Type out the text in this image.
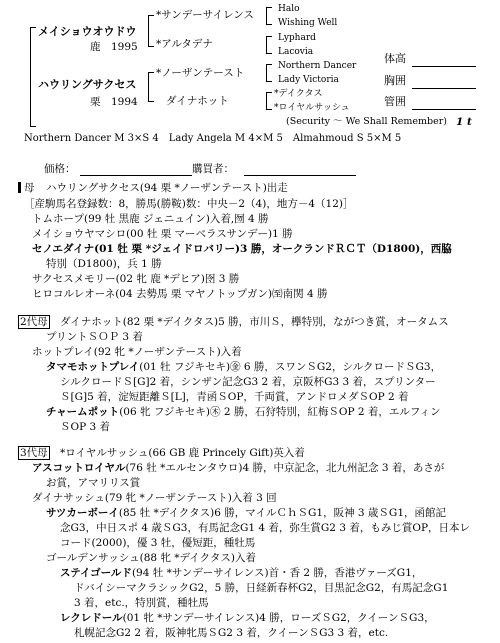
メイショウオウドウ
鹿　1995
ハウリングサクセス
栗　1994
*サンデーサイレンス
*アルタデナ
*ノーザンテースト
ダイナホット
Halo
Wishing Well
Lyphard
Lacovia
Northern Dancer
Lady Victoria
*デイクタス
*ロイヤルサッシュ
(Security ～ We Shall Remember) 1 t
体高
胸囲
管囲
Northern Dancer M 3×S 4　Lady Angela M 4×M 5　Almahmoud S 5×M 5
価格：	購買者：
母 ハウリングサクセス(94 栗 *ノーザンテースト)出走
［産駒馬名登録数：8，勝馬(勝鞍)数：中央－2（4)，地方－4（12)］
トムホープ(99 牡 黒鹿 ジェニュイン)入着,囫 4 勝
メイショウヤマシロ(00 牡 栗 マーベラスサンデー)1 勝
セノエダイナ(01 牡 栗 *ジェイドロバリー)3 勝，オークランドＲＣＴ（D1800)，西脇
特別（D1800)，兵 1 勝
サクセスメモリー(02 牝 鹿 *デヒア)囹 3 勝
ヒロコルレオーネ(04 去勢馬 栗 マヤノトップガン)㉃南関 4 勝
2代母 ダイナホット(82 栗 *デイクタス)5 勝，市川Ｓ，欅特別，ながつき賞，オータムス
プリントＳＯＰ 3 着
ホットプレイ(92 牝 *ノーザンテースト)入着
タマモホットプレイ(01 牡 フジキセキ)㊎ 6 勝，スワンＳG2，シルクロードＳG3，
シルクロードＳ[G]2 着，シンザン記念G3 2 着，京阪杯G3 3 着，スプリンター
Ｓ[G]5 着，淀短距離Ｓ[L]，青函ＳOP，千両賞，アンドロメダＳOP 2 着
チャームポット(06 牝 フジキセキ)㊍ 2 勝，石狩特別，紅梅ＳOP 2 着，エルフィン
ＳOP 3 着
3代母 *ロイヤルサッシュ(66 GB 鹿 Princely Gift)英入着
アスコットロイヤル(76 牡 *エルセンタウロ)4 勝，中京記念，北九州記念 3 着，あさが
お賞，アマリリス賞
ダイナサッシュ(79 牝 *ノーザンテースト)入着 3 回
サツカーボーイ(85 牡 *デイクタス)6 勝，マイルＣｈＳG1，阪神 3 歳ＳG1，函館記
念G3，中日スポ 4 歳ＳG3，有馬記念G1 4 着，弥生賞G2 3 着，もみじ賞OP，日本レ
コード(2000)，優 3 牡，優短距，種牡馬
ゴールデンサッシュ(88 牝 *デイクタス)入着
ステイゴールド(94 牡 *サンデーサイレンス)首・香 2 勝，香港ヴァーズG1，
ドバイシーマクラシックG2，5 勝，日経新春杯G2，目黒記念G2，有馬記念G1
3 着，etc.，特別賞，種牡馬
レクレドール(01 牝 *サンデーサイレンス)4 勝，ローズＳG2，クイーンＳG3，
札幌記念G2 2 着，阪神牝馬ＳG2 3 着，クイーンＳG3 3 着，etc.
